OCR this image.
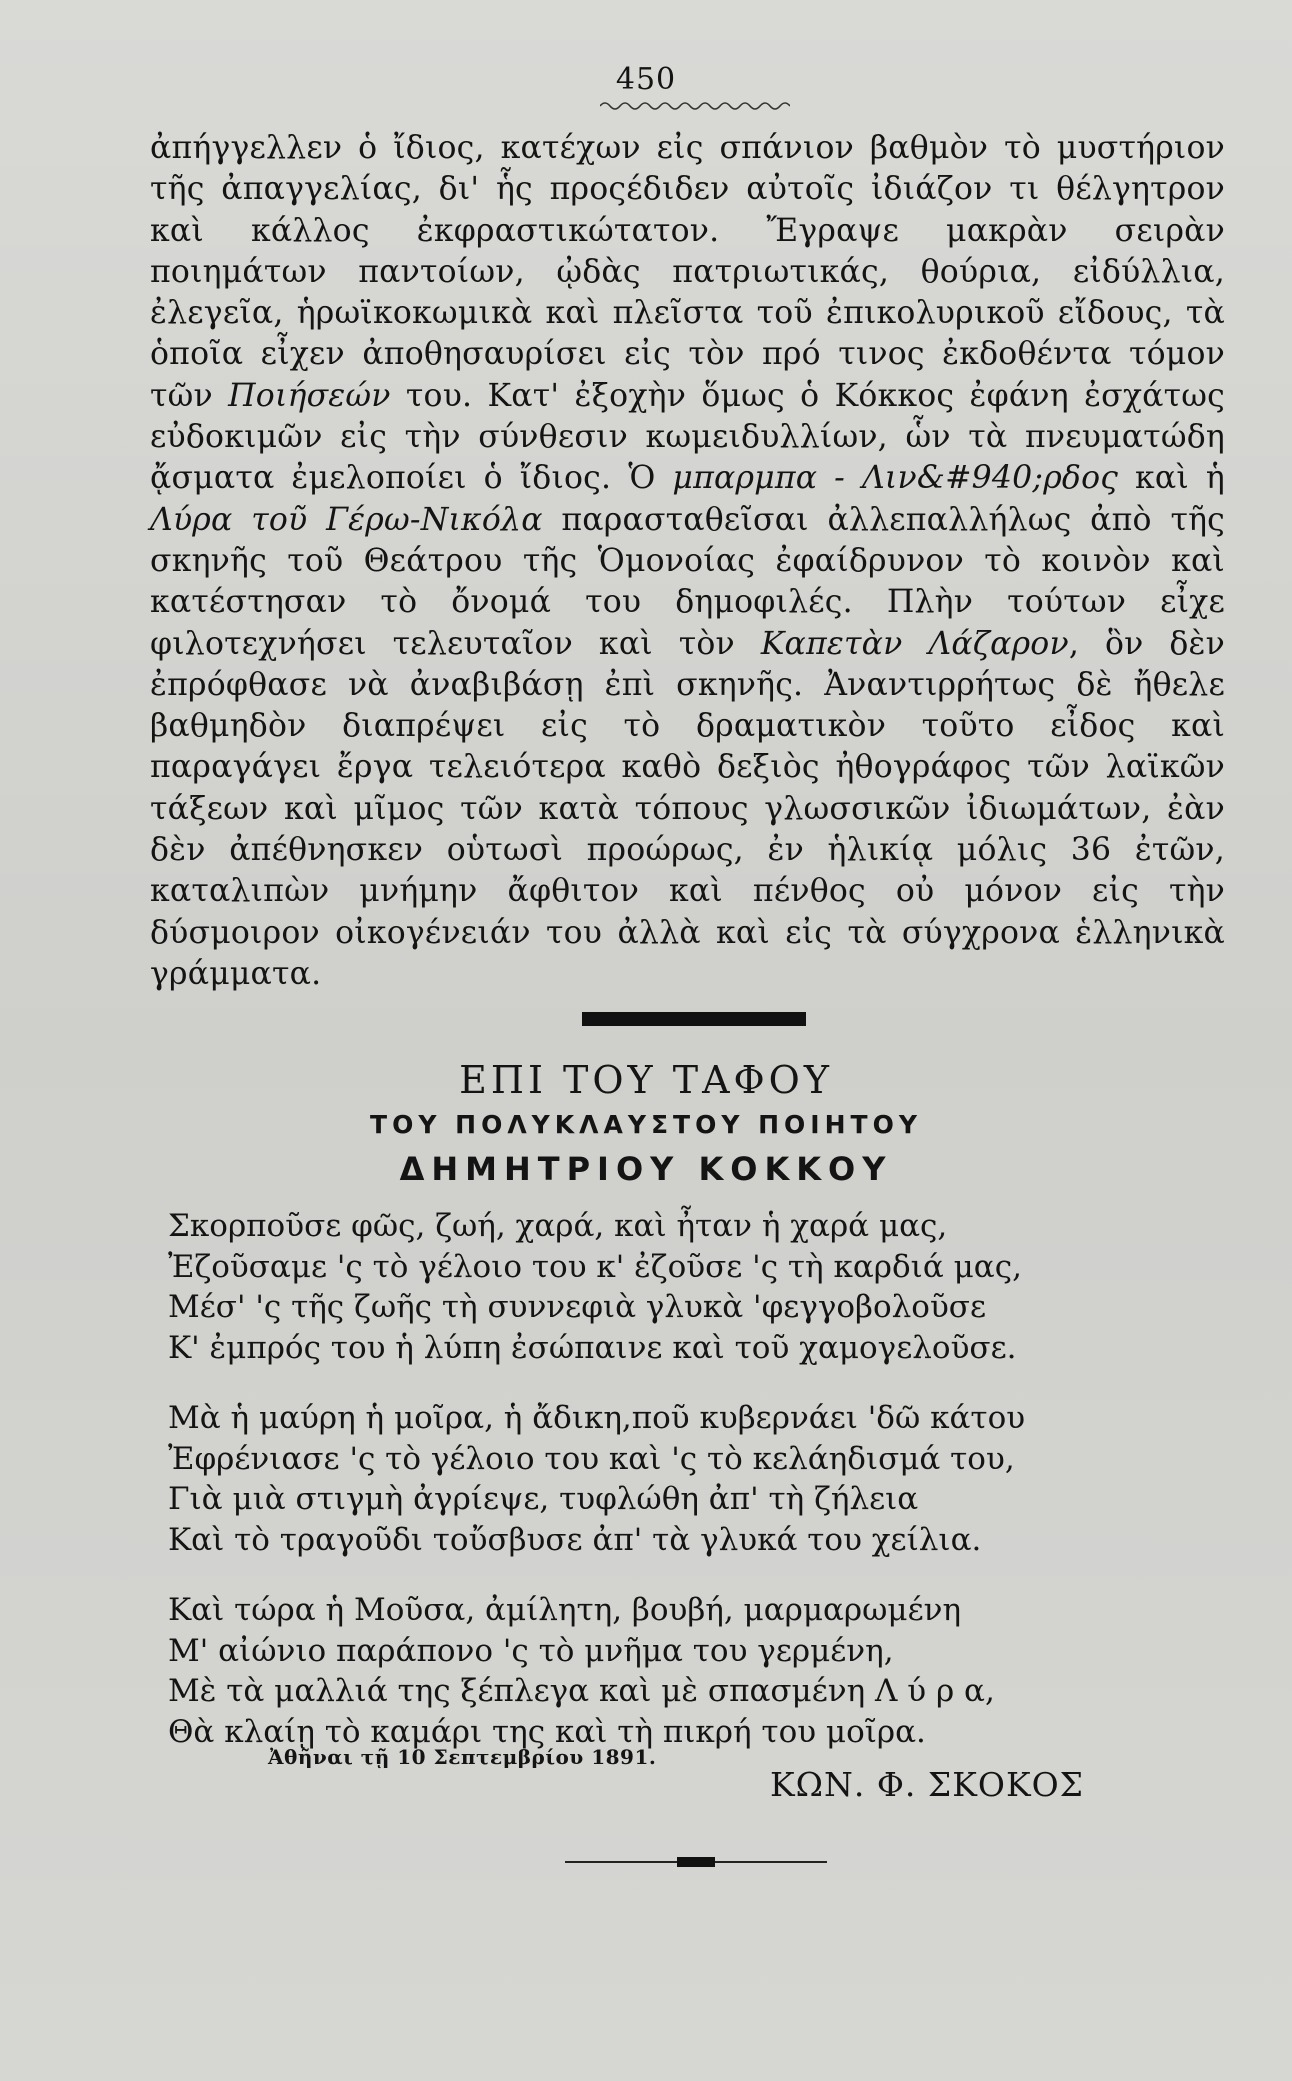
450

ἀπήγγελλεν ὁ ἴδιος, κατέχων εἰς σπάνιον βαθμὸν τὸ μυστήριον τῆς ἀπαγγελίας, δι' ἧς προςέδιδεν αὐτοῖς ἰδιάζον τι θέλγητρον καὶ κάλλος ἐκφραστικώτατον. Ἔγραψε μακρὰν σειρὰν ποιημάτων παντοίων, ᾠδὰς πατριωτικάς, θούρια, εἰδύλλια, ἐλεγεῖα, ἡρωϊκοκωμικὰ καὶ πλεῖστα τοῦ ἐπικολυρικοῦ εἴδους, τὰ ὁποῖα εἶχεν ἀποθησαυρίσει εἰς τὸν πρό τινος ἐκδοθέντα τόμον τῶν Ποιήσεών του. Κατ' ἐξοχὴν ὅμως ὁ Κόκκος ἐφάνη ἐσχάτως εὐδοκιμῶν εἰς τὴν σύνθεσιν κωμειδυλλίων, ὧν τὰ πνευματώδη ᾄσματα ἐμελοποίει ὁ ἴδιος. Ὁ μπαρμπα - Λιν&#940;ρδος καὶ ἡ Λύρα τοῦ Γέρω-Νικόλα παρασταθεῖσαι ἀλλεπαλλήλως ἀπὸ τῆς σκηνῆς τοῦ Θεάτρου τῆς Ὁμονοίας ἐφαίδρυνον τὸ κοινὸν καὶ κατέστησαν τὸ ὄνομά του δημοφιλές. Πλὴν τούτων εἶχε φιλοτεχνήσει τελευταῖον καὶ τὸν Καπετὰν Λάζαρον, ὃν δὲν ἐπρόφθασε νὰ ἀναβιβάσῃ ἐπὶ σκηνῆς. Ἀναντιρρήτως δὲ ἤθελε βαθμηδὸν διαπρέψει εἰς τὸ δραματικὸν τοῦτο εἶδος καὶ παραγάγει ἔργα τελειότερα καθὸ δεξιὸς ἠθογράφος τῶν λαϊκῶν τάξεων καὶ μῖμος τῶν κατὰ τόπους γλωσσικῶν ἰδιωμάτων, ἐὰν δὲν ἀπέθνησκεν οὑτωσὶ προώρως, ἐν ἡλικίᾳ μόλις 36 ἐτῶν, καταλιπὼν μνήμην ἄφθιτον καὶ πένθος οὐ μόνον εἰς τὴν δύσμοιρον οἰκογένειάν του ἀλλὰ καὶ εἰς τὰ σύγχρονα ἑλληνικὰ γράμματα.

ΕΠΙ ΤΟΥ ΤΑΦΟΥ
ΤΟΥ ΠΟΛΥΚΛΑΥΣΤΟΥ ΠΟΙΗΤΟΥ
ΔΗΜΗΤΡΙΟΥ ΚΟΚΚΟΥ
Σκορποῦσε φῶς, ζωή, χαρά, καὶ ἦταν ἡ χαρά μας,
Ἐζοῦσαμε 'ς τὸ γέλοιο του κ' ἐζοῦσε 'ς τὴ καρδιά μας,
Μέσ' 'ς τῆς ζωῆς τὴ συννεφιὰ γλυκὰ 'φεγγοβολοῦσε
Κ' ἐμπρός του ἡ λύπη ἐσώπαινε καὶ τοῦ χαμογελοῦσε.
Μὰ ἡ μαύρη ἡ μοῖρα, ἡ ἄδικη,ποῦ κυβερνάει 'δῶ κάτου
Ἐφρένιασε 'ς τὸ γέλοιο του καὶ 'ς τὸ κελάηδισμά του,
Γιὰ μιὰ στιγμὴ ἀγρίεψε, τυφλώθη ἀπ' τὴ ζήλεια
Καὶ τὸ τραγοῦδι τοὔσβυσε ἀπ' τὰ γλυκά του χείλια.
Καὶ τώρα ἡ Μοῦσα, ἀμίλητη, βουβή, μαρμαρωμένη
Μ' αἰώνιο παράπονο 'ς τὸ μνῆμα του γερμένη,
Μὲ τὰ μαλλιά της ξέπλεγα καὶ μὲ σπασμένη Λ ύ ρ α,
Θὰ κλαίῃ τὸ καμάρι της καὶ τὴ πικρή του μοῖρα.
Ἀθῆναι τῇ 10 Σεπτεμβρίου 1891.
ΚΩΝ. Φ. ΣΚΟΚΟΣ
